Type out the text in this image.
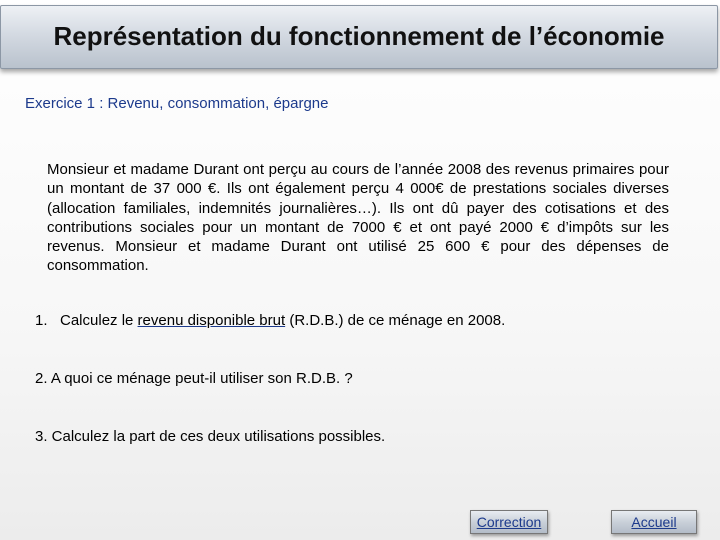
Représentation du fonctionnement de l’économie
Exercice 1 : Revenu, consommation, épargne
Monsieur et madame Durant ont perçu au cours de l’année 2008 des revenus primaires pour un montant de 37 000 €. Ils ont également perçu 4 000€ de prestations sociales diverses (allocation familiales, indemnités journalières…). Ils ont dû payer des cotisations et des contributions sociales pour un montant de 7000 € et ont payé 2000 € d’impôts sur les revenus. Monsieur et madame Durant ont utilisé 25 600 € pour des dépenses de consommation.
1.   Calculez le revenu disponible brut (R.D.B.) de ce ménage en 2008.
2. A quoi ce ménage peut-il utiliser son R.D.B. ?
3. Calculez la part de ces deux utilisations possibles.
Correction	Accueil
